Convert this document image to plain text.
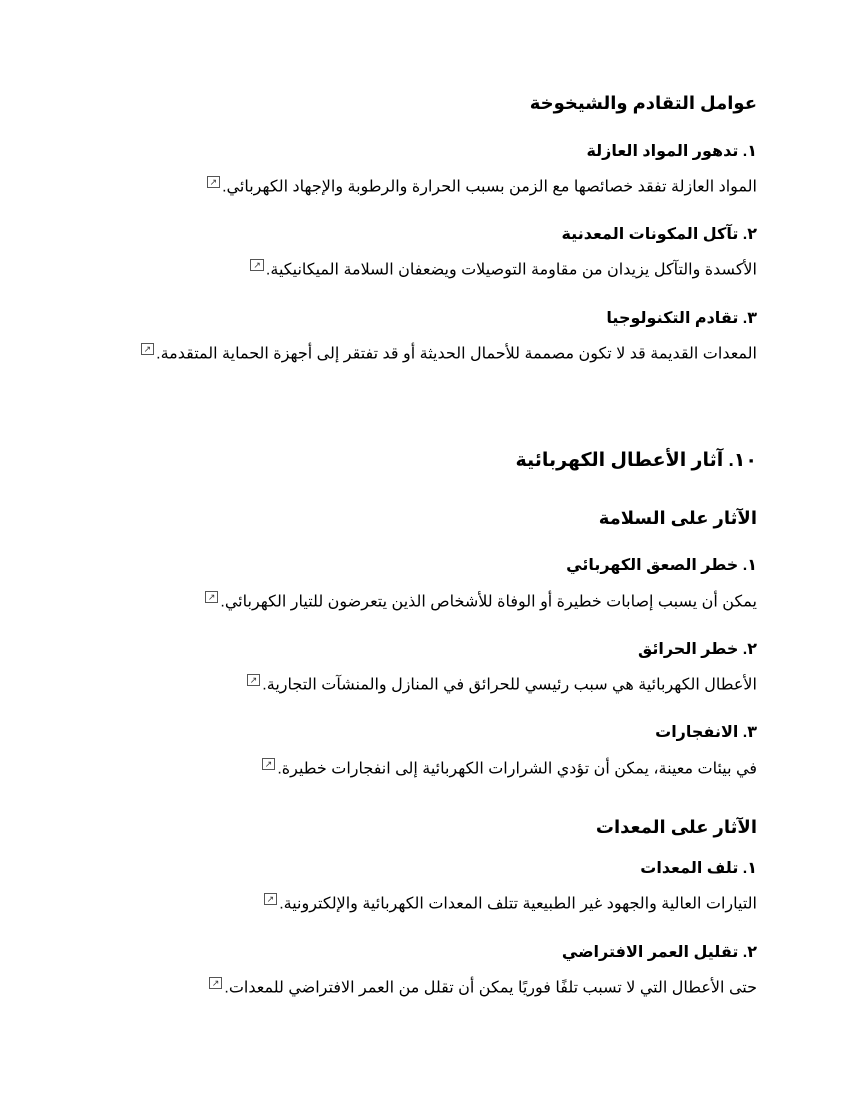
عوامل التقادم والشيخوخة
١. تدهور المواد العازلة
المواد العازلة تفقد خصائصها مع الزمن بسبب الحرارة والرطوبة والإجهاد الكهربائي.↗
٢. تآكل المكونات المعدنية
الأكسدة والتآكل يزيدان من مقاومة التوصيلات ويضعفان السلامة الميكانيكية.↗
٣. تقادم التكنولوجيا
المعدات القديمة قد لا تكون مصممة للأحمال الحديثة أو قد تفتقر إلى أجهزة الحماية المتقدمة.↗
١٠. آثار الأعطال الكهربائية
الآثار على السلامة
١. خطر الصعق الكهربائي
يمكن أن يسبب إصابات خطيرة أو الوفاة للأشخاص الذين يتعرضون للتيار الكهربائي.↗
٢. خطر الحرائق
الأعطال الكهربائية هي سبب رئيسي للحرائق في المنازل والمنشآت التجارية.↗
٣. الانفجارات
في بيئات معينة، يمكن أن تؤدي الشرارات الكهربائية إلى انفجارات خطيرة.↗
الآثار على المعدات
١. تلف المعدات
التيارات العالية والجهود غير الطبيعية تتلف المعدات الكهربائية والإلكترونية.↗
٢. تقليل العمر الافتراضي
حتى الأعطال التي لا تسبب تلفًا فوريًا يمكن أن تقلل من العمر الافتراضي للمعدات.↗
